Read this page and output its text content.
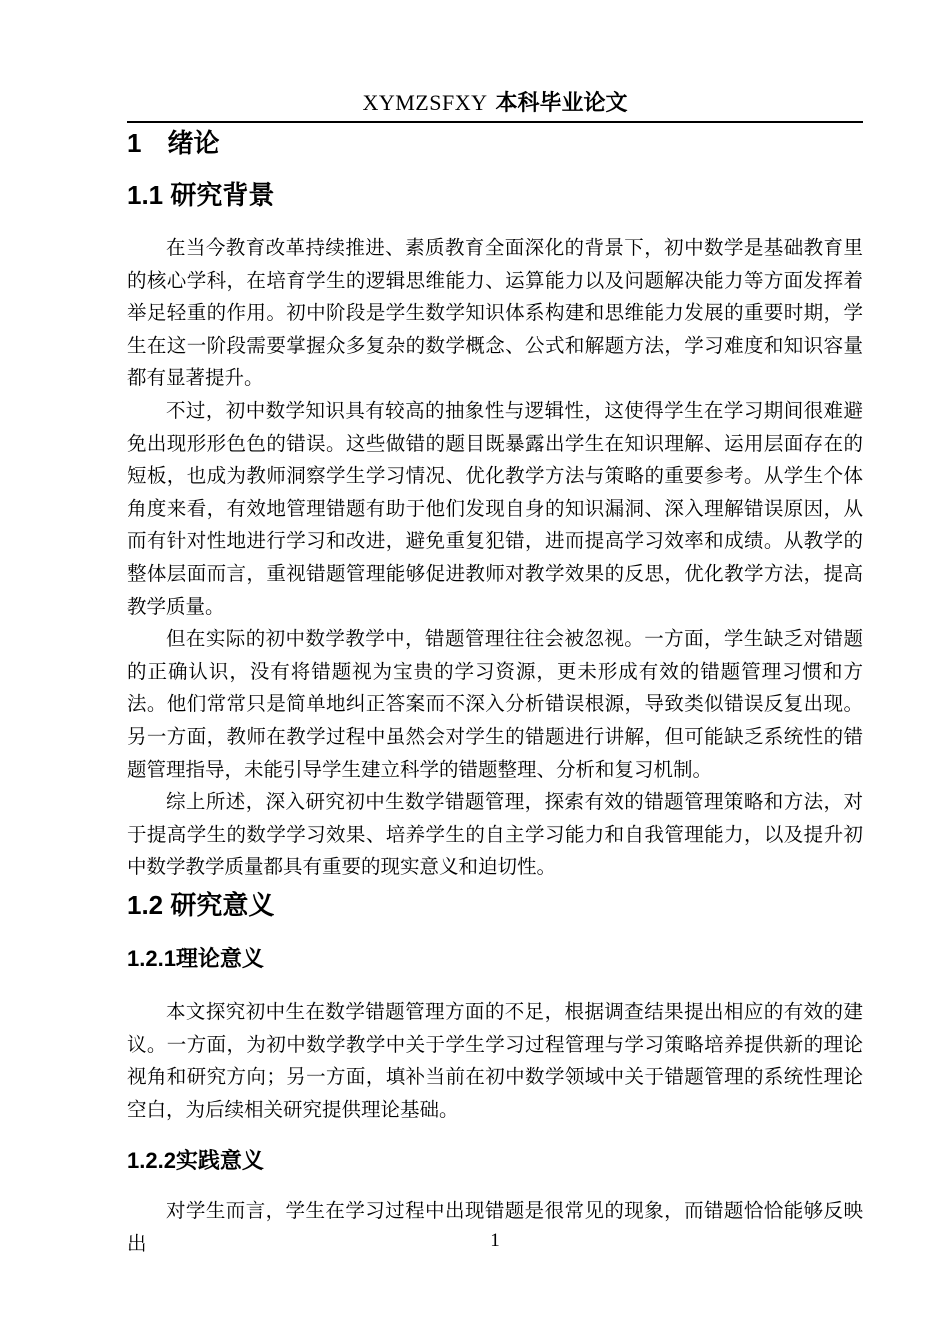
XYMZSFXY 本科毕业论文
1　绪论
1.1 研究背景

在当今教育改革持续推进、素质教育全面深化的背景下，初中数学是基础教育里的核心学科，在培育学生的逻辑思维能力、运算能力以及问题解决能力等方面发挥着举足轻重的作用。初中阶段是学生数学知识体系构建和思维能力发展的重要时期，学生在这一阶段需要掌握众多复杂的数学概念、公式和解题方法，学习难度和知识容量都有显著提升。

不过，初中数学知识具有较高的抽象性与逻辑性，这使得学生在学习期间很难避免出现形形色色的错误。这些做错的题目既暴露出学生在知识理解、运用层面存在的短板，也成为教师洞察学生学习情况、优化教学方法与策略的重要参考。从学生个体角度来看，有效地管理错题有助于他们发现自身的知识漏洞、深入理解错误原因，从而有针对性地进行学习和改进，避免重复犯错，进而提高学习效率和成绩。从教学的整体层面而言，重视错题管理能够促进教师对教学效果的反思，优化教学方法，提高教学质量。

但在实际的初中数学教学中，错题管理往往会被忽视。一方面，学生缺乏对错题的正确认识，没有将错题视为宝贵的学习资源，更未形成有效的错题管理习惯和方法。他们常常只是简单地纠正答案而不深入分析错误根源，导致类似错误反复出现。另一方面，教师在教学过程中虽然会对学生的错题进行讲解，但可能缺乏系统性的错题管理指导，未能引导学生建立科学的错题整理、分析和复习机制。

综上所述，深入研究初中生数学错题管理，探索有效的错题管理策略和方法，对于提高学生的数学学习效果、培养学生的自主学习能力和自我管理能力，以及提升初中数学教学质量都具有重要的现实意义和迫切性。

1.2 研究意义
1.2.1理论意义

本文探究初中生在数学错题管理方面的不足，根据调查结果提出相应的有效的建议。一方面，为初中数学教学中关于学生学习过程管理与学习策略培养提供新的理论视角和研究方向；另一方面，填补当前在初中数学领域中关于错题管理的系统性理论空白，为后续相关研究提供理论基础。

1.2.2实践意义

对学生而言，学生在学习过程中出现错题是很常见的现象，而错题恰恰能够反映出	1
